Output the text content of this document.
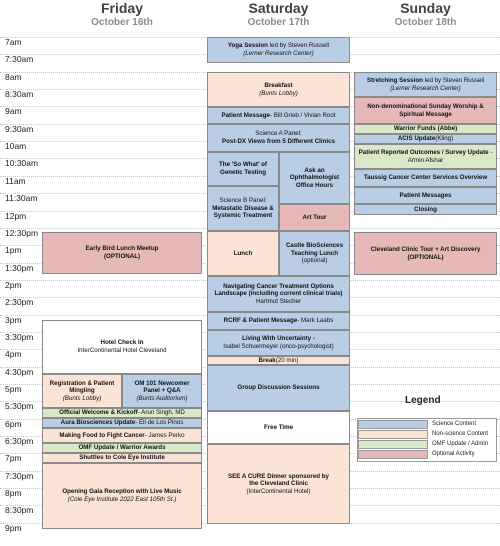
Friday
October 16th
Saturday
October 17th
Sunday
October 18th
7am
7:30am
8am
8:30am
9am
9:30am
10am
10:30am
11am
11:30am
12pm
12:30pm
1pm
1:30pm
2pm
2:30pm
3pm
3:30pm
4pm
4:30pm
5pm
5:30pm
6pm
6:30pm
7pm
7:30pm
8pm
8:30pm
9pm
Early Bird Lunch Meetup
(OPTIONAL)
Hotel Check In
InterContinental Hotel Cleveland
Registration & Patient
Mingling
(Bunts Lobby)
OM 101 Newcomer
Panel + Q&A
(Bunts Auditorium)
Official Welcome & Kickoff - Arun Singh, MD
Aura Biosciences Update - Eli de Los Pinos
Making Food to Fight Cancer - James Perko
OMF Update / Warrior Awards
Shuttles to Cole Eye Institute
Opening Gala Reception with Live Music
(Cole Eye Institute 2022 East 105th St.)
Yoga Session led by Steven Russell
(Lerner Research Center)
Breakfast
(Bunts Lobby)
Patient Message - Bill Grieb / Vivian Root
Science A Panel:
Post-DX Views from 5 Different Clinics
The 'So What' of
Genetic Testing	Ask an
Ophthalmologist
Office Hours
Science B Panel:
Metastatic Disease &
Systemic Treatment	Art Tour
Lunch
Castle BioSciences
Teaching Lunch
(optional)
Navigating Cancer Treatment Options
Landscape (including current clinical trials)
Hartmut Stecher
RCRF & Patient Message - Mark Laabs
Living With Uncertainty -
Isabel Schuermeyer (onco-psychologist)
Break (20 min)
Group Discussion Sessions
Free Time
SEE A CURE Dinner sponsored by
the Cleveland Clinic
(InterContinental Hotel)
Stretching Session led by Steven Russell
(Lerner Research Center)
Non-denominational Sunday Worship &
Spiritual Message
Warrior Funds (Abbe)
ACIS Update (Kling)
Patient Reported Outcomes / Survey Update -
Armin Afshar
Taussig Cancer Center Services Overview
Patient Messages
Closing
Cleveland Clinic Tour + Art Discovery
(OPTIONAL)
Legend
Science Content
Non-science Content
OMF Update / Admin
Optional Activity
